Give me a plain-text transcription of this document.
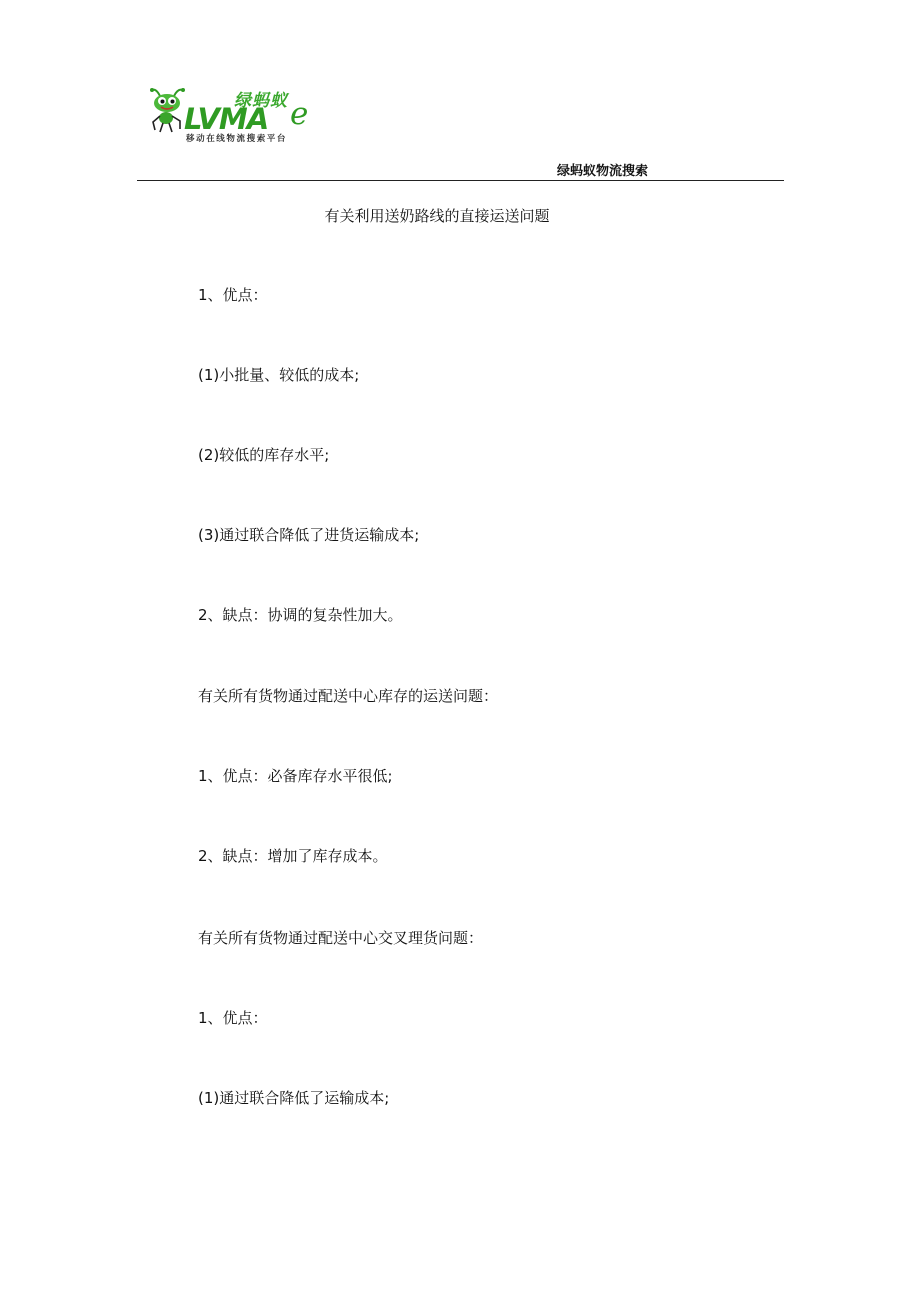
绿蚂蚁
LVMA e
移动在线物流搜索平台
绿蚂蚁物流搜索
有关利用送奶路线的直接运送问题
1、优点：
(1)小批量、较低的成本;
(2)较低的库存水平;
(3)通过联合降低了进货运输成本;
2、缺点：协调的复杂性加大。
有关所有货物通过配送中心库存的运送问题：
1、优点：必备库存水平很低;
2、缺点：增加了库存成本。
有关所有货物通过配送中心交叉理货问题：
1、优点：
(1)通过联合降低了运输成本;
